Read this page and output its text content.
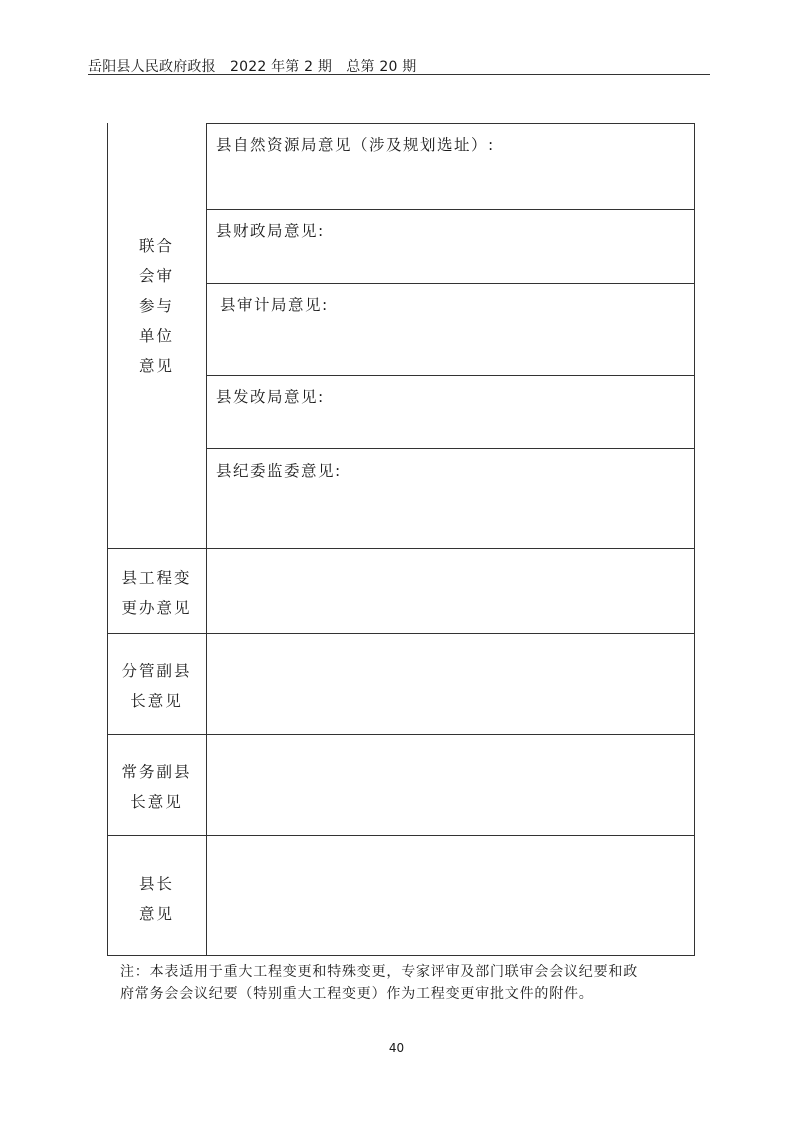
岳阳县人民政府政报　2022 年第 2 期　总第 20 期
联合
会审
参与
单位
意见
县自然资源局意见（涉及规划选址）:
县财政局意见:
县审计局意见:
县发改局意见:
县纪委监委意见:
县工程变
更办意见
分管副县
长意见
常务副县
长意见
县长
意见
注：本表适用于重大工程变更和特殊变更，专家评审及部门联审会会议纪要和政
府常务会会议纪要（特别重大工程变更）作为工程变更审批文件的附件。
40
